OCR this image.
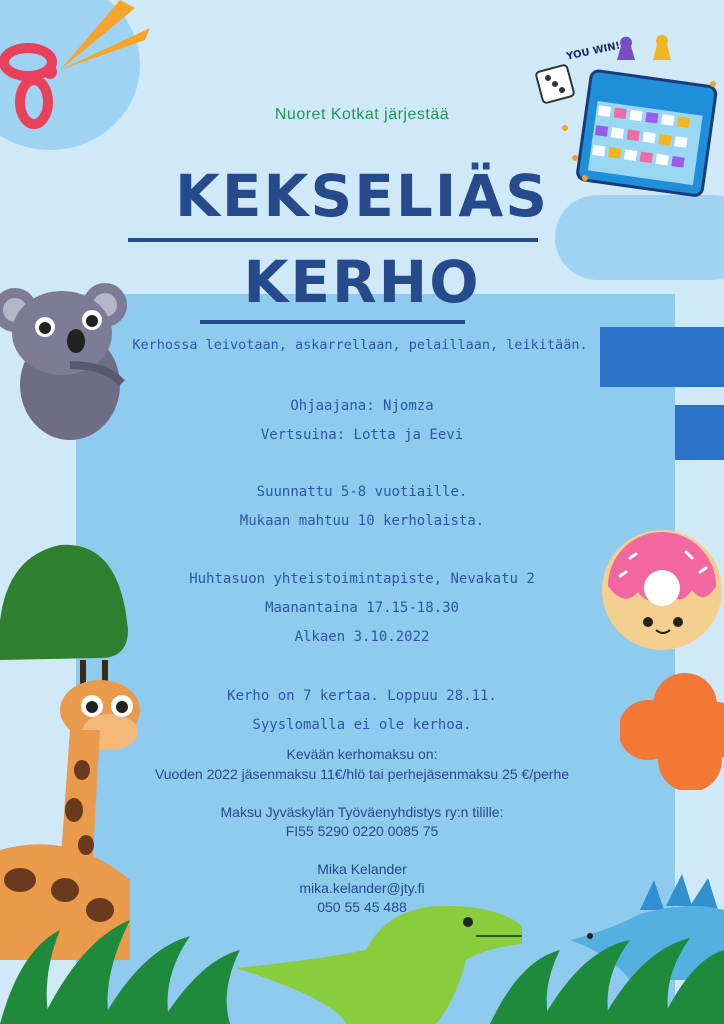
YOU WIN!
Nuoret Kotkat järjestää
KEKSELIÄS
KERHO
Kerhossa leivotaan, askarrellaan, pelaillaan, leikitään.
Ohjaajana: Njomza
Vertsuina: Lotta ja Eevi
Suunnattu 5-8 vuotiaille.
Mukaan mahtuu 10 kerholaista.
Huhtasuon yhteistoimintapiste, Nevakatu 2
Maanantaina 17.15-18.30
Alkaen 3.10.2022
Kerho on 7 kertaa. Loppuu 28.11.
Syyslomalla ei ole kerhoa.
Kevään kerhomaksu on:
Vuoden 2022 jäsenmaksu 11€/hlö tai perhejäsenmaksu 25 €/perhe
Maksu Jyväskylän Työväenyhdistys ry:n tilille:
FI55 5290 0220 0085 75
Mika Kelander
mika.kelander@jty.fi
050 55 45 488
